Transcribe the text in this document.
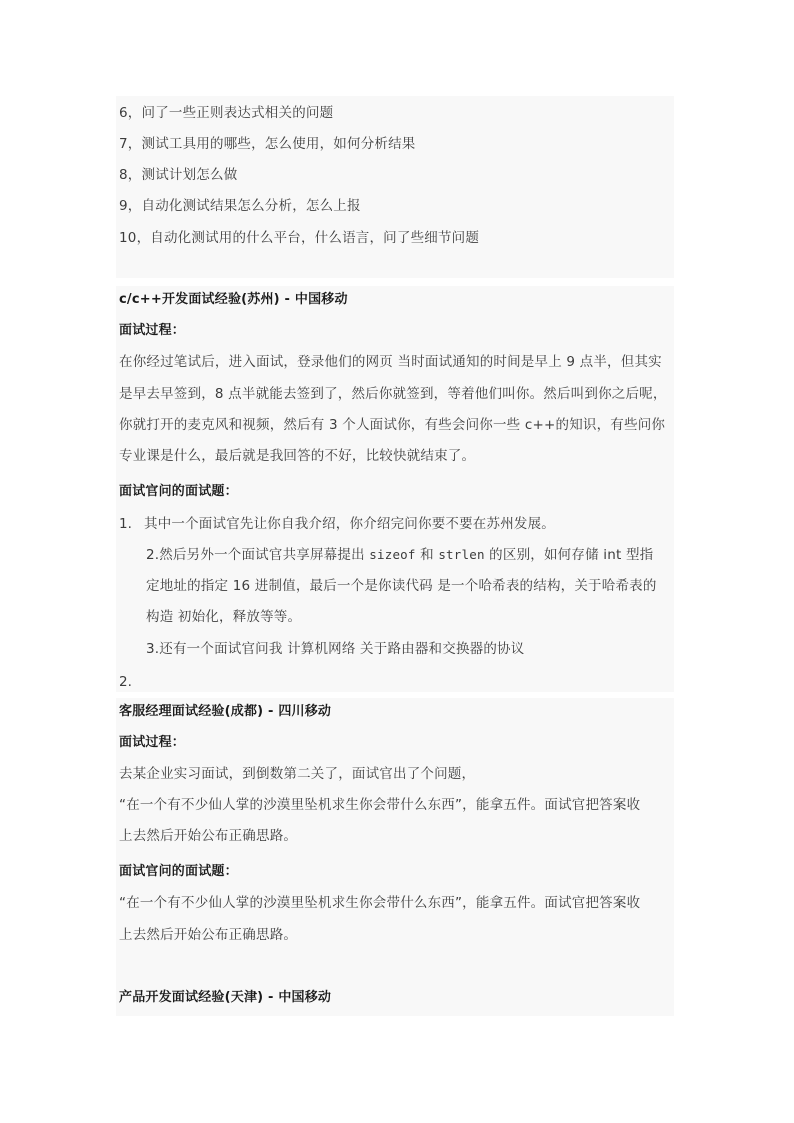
6，问了一些正则表达式相关的问题
7，测试工具用的哪些，怎么使用，如何分析结果
8，测试计划怎么做
9，自动化测试结果怎么分析，怎么上报
10，自动化测试用的什么平台，什么语言，问了些细节问题
c/c++开发面试经验(苏州) - 中国移动
面试过程：
在你经过笔试后，进入面试，登录他们的网页 当时面试通知的时间是早上 9 点半，但其实
是早去早签到，8 点半就能去签到了，然后你就签到，等着他们叫你。然后叫到你之后呢，
你就打开的麦克风和视频，然后有 3 个人面试你，有些会问你一些 c++的知识，有些问你
专业课是什么，最后就是我回答的不好，比较快就结束了。
面试官问的面试题：
1. 其中一个面试官先让你自我介绍，你介绍完问你要不要在苏州发展。
2.然后另外一个面试官共享屏幕提出 sizeof 和 strlen 的区别，如何存储 int 型指
定地址的指定 16 进制值，最后一个是你读代码 是一个哈希表的结构，关于哈希表的
构造 初始化，释放等等。
3.还有一个面试官问我 计算机网络 关于路由器和交换器的协议
2.
客服经理面试经验(成都) - 四川移动
面试过程：
去某企业实习面试，到倒数第二关了，面试官出了个问题，
“在一个有不少仙人掌的沙漠里坠机求生你会带什么东西”，能拿五件。面试官把答案收
上去然后开始公布正确思路。
面试官问的面试题：
“在一个有不少仙人掌的沙漠里坠机求生你会带什么东西”，能拿五件。面试官把答案收
上去然后开始公布正确思路。
产品开发面试经验(天津) - 中国移动
